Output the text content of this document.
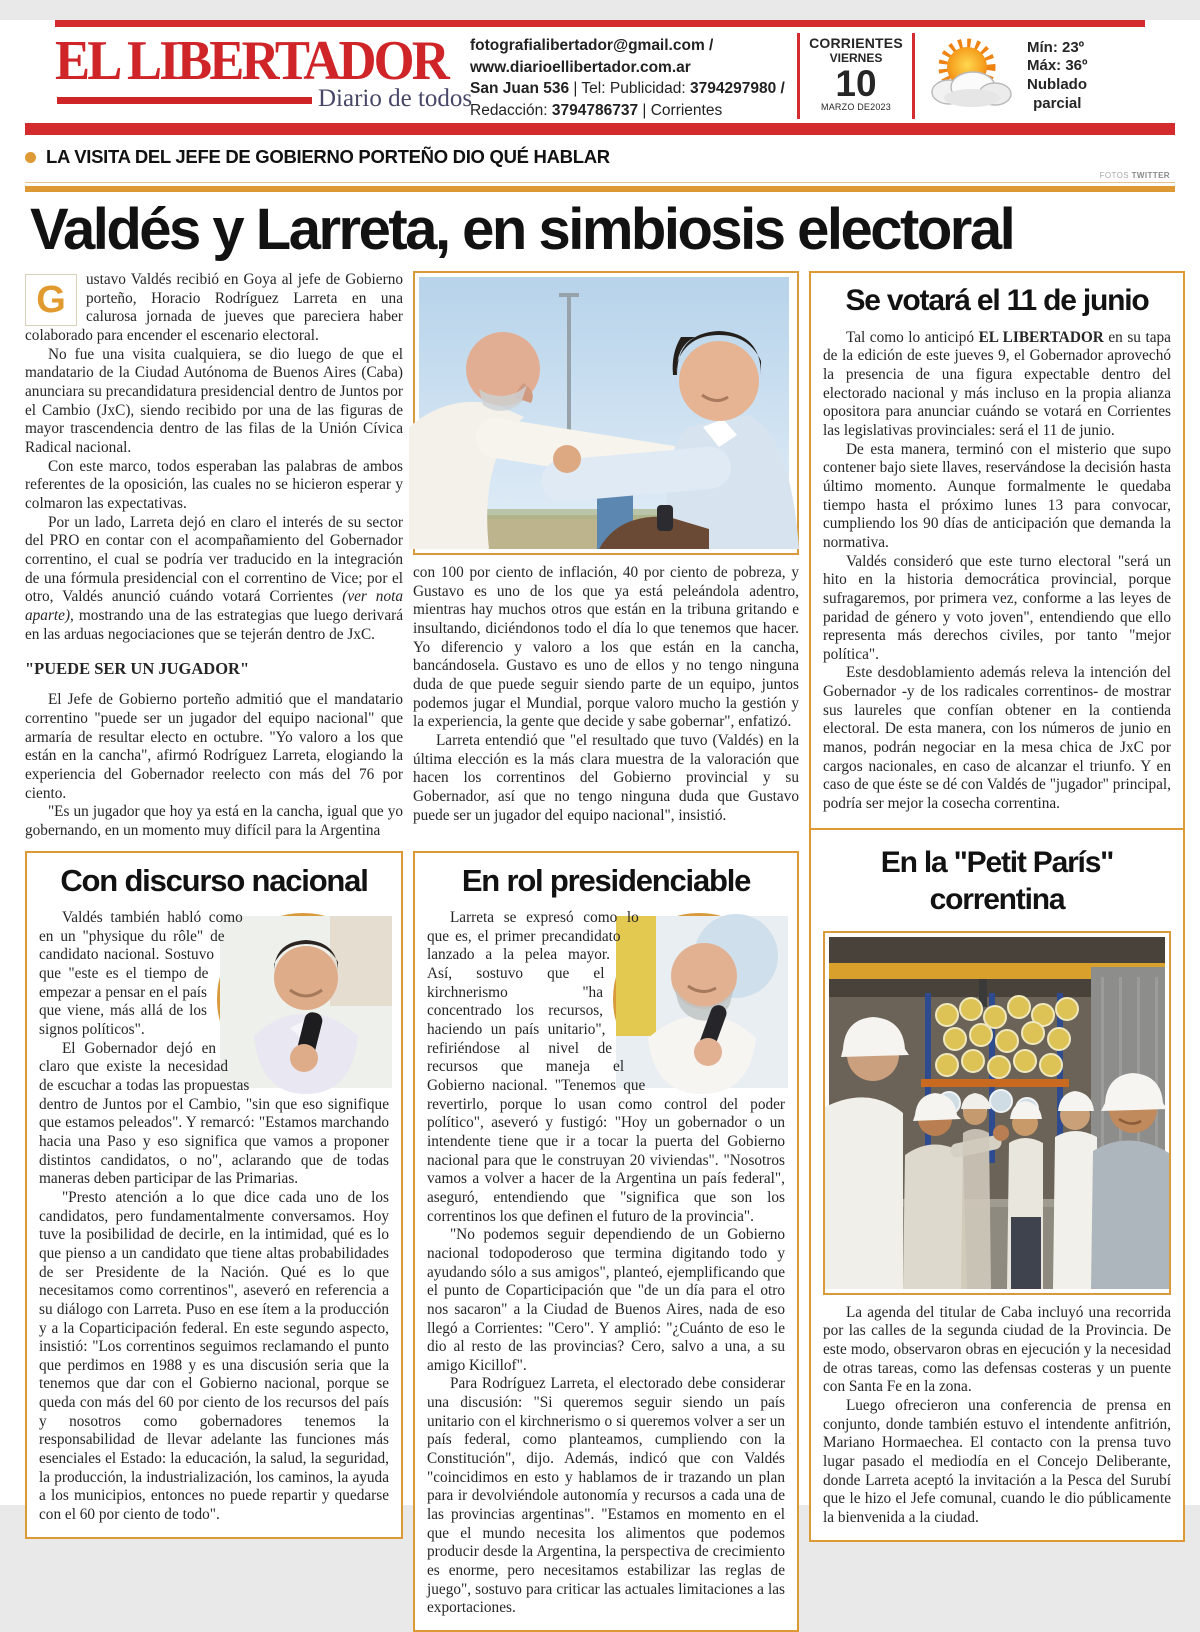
EL LIBERTADOR
Diario de todos
fotografialibertador@gmail.com /
www.diarioellibertador.com.ar
San Juan 536 | Tel: Publicidad: 3794297980 /
Redacción: 3794786737 | Corrientes
CORRIENTES
VIERNES
10
MARZO DE2023
Mín: 23º
Máx: 36º
Nublado
parcial
LA VISITA DEL JEFE DE GOBIERNO PORTEÑO DIO QUÉ HABLAR
FOTOS TWITTER
Valdés y Larreta, en simbiosis electoral
G	ustavo Valdés recibió en Goya al jefe de Gobierno porteño, Horacio Rodríguez Larreta en una calurosa jornada de jueves que pareciera haber colaborado para encender el escenario electoral.

No fue una visita cualquiera, se dio luego de que el mandatario de la Ciudad Autónoma de Buenos Aires (Caba) anunciara su precandidatura presidencial dentro de Juntos por el Cambio (JxC), siendo recibido por una de las figuras de mayor trascendencia dentro de las filas de la Unión Cívica Radical nacional.

Con este marco, todos esperaban las palabras de ambos referentes de la oposición, las cuales no se hicieron esperar y colmaron las expectativas.

Por un lado, Larreta dejó en claro el interés de su sector del PRO en contar con el acompañamiento del Gobernador correntino, el cual se podría ver traducido en la integración de una fórmula presidencial con el correntino de Vice; por el otro, Valdés anunció cuándo votará Corrientes (ver nota aparte), mostrando una de las estrategias que luego derivará en las arduas negociaciones que se tejerán dentro de JxC.

"PUEDE SER UN JUGADOR"

El Jefe de Gobierno porteño admitió que el mandatario correntino "puede ser un jugador del equipo nacional" que armaría de resultar electo en octubre. "Yo valoro a los que están en la cancha", afirmó Rodríguez Larreta, elogiando la experiencia del Gobernador reelecto con más del 76 por ciento.

"Es un jugador que hoy ya está en la cancha, igual que yo gobernando, en un momento muy difícil para la Argentina

con 100 por ciento de inflación, 40 por ciento de pobreza, y Gustavo es uno de los que ya está peleándola adentro, mientras hay muchos otros que están en la tribuna gritando e insultando, diciéndonos todo el día lo que tenemos que hacer. Yo diferencio y valoro a los que están en la cancha, bancándosela. Gustavo es uno de ellos y no tengo ninguna duda de que puede seguir siendo parte de un equipo, juntos podemos jugar el Mundial, porque valoro mucho la gestión y la experiencia, la gente que decide y sabe gobernar", enfatizó.

Larreta entendió que "el resultado que tuvo (Valdés) en la última elección es la más clara muestra de la valoración que hacen los correntinos del Gobierno provincial y su Gobernador, así que no tengo ninguna duda que Gustavo puede ser un jugador del equipo nacional", insistió.

Con discurso nacional

Valdés también habló como en un "physique du rôle" de candidato nacional. Sostuvo que "este es el tiempo de empezar a pensar en el país que viene, más allá de los signos políticos".

El Gobernador dejó en claro que existe la necesidad de escuchar a todas las propuestas dentro de Juntos por el Cambio, "sin que eso signifique que estamos peleados". Y remarcó: "Estamos marchando hacia una Paso y eso significa que vamos a proponer distintos candidatos, o no", aclarando que de todas maneras deben participar de las Primarias.

"Presto atención a lo que dice cada uno de los candidatos, pero fundamentalmente conversamos. Hoy tuve la posibilidad de decirle, en la intimidad, qué es lo que pienso a un candidato que tiene altas probabilidades de ser Presidente de la Nación. Qué es lo que necesitamos como correntinos", aseveró en referencia a su diálogo con Larreta. Puso en ese ítem a la producción y a la Coparticipación federal. En este segundo aspecto, insistió: "Los correntinos seguimos reclamando el punto que perdimos en 1988 y es una discusión seria que la tenemos que dar con el Gobierno nacional, porque se queda con más del 60 por ciento de los recursos del país y nosotros como gobernadores tenemos la responsabilidad de llevar adelante las funciones más esenciales el Estado: la educación, la salud, la seguridad, la producción, la industrialización, los caminos, la ayuda a los municipios, entonces no puede repartir y quedarse con el 60 por ciento de todo".

En rol presidenciable

Larreta se expresó como lo que es, el primer precandidato lanzado a la pelea mayor. Así, sostuvo que el kirchnerismo "ha concentrado los recursos, haciendo un país unitario", refiriéndose al nivel de recursos que maneja el Gobierno nacional. "Tenemos que revertirlo, porque lo usan como control del poder político", aseveró y fustigó: "Hoy un gobernador o un intendente tiene que ir a tocar la puerta del Gobierno nacional para que le construyan 20 viviendas". "Nosotros vamos a volver a hacer de la Argentina un país federal", aseguró, entendiendo que "significa que son los correntinos los que definen el futuro de la provincia".

"No podemos seguir dependiendo de un Gobierno nacional todopoderoso que termina digitando todo y ayudando sólo a sus amigos", planteó, ejemplificando que el punto de Coparticipación que "de un día para el otro nos sacaron" a la Ciudad de Buenos Aires, nada de eso llegó a Corrientes: "Cero". Y amplió: "¿Cuánto de eso le dio al resto de las provincias? Cero, salvo a una, a su amigo Kicillof".

Para Rodríguez Larreta, el electorado debe considerar una discusión: "Si queremos seguir siendo un país unitario con el kirchnerismo o si queremos volver a ser un país federal, como planteamos, cumpliendo con la Constitución", dijo. Además, indicó que con Valdés "coincidimos en esto y hablamos de ir trazando un plan para ir devolviéndole autonomía y recursos a cada una de las provincias argentinas". "Estamos en momento en el que el mundo necesita los alimentos que podemos producir desde la Argentina, la perspectiva de crecimiento es enorme, pero necesitamos estabilizar las reglas de juego", sostuvo para criticar las actuales limitaciones a las exportaciones.

Se votará el 11 de junio

Tal como lo anticipó EL LIBERTADOR en su tapa de la edición de este jueves 9, el Gobernador aprovechó la presencia de una figura expectable dentro del electorado nacional y más incluso en la propia alianza opositora para anunciar cuándo se votará en Corrientes las legislativas provinciales: será el 11 de junio.

De esta manera, terminó con el misterio que supo contener bajo siete llaves, reservándose la decisión hasta último momento. Aunque formalmente le quedaba tiempo hasta el próximo lunes 13 para convocar, cumpliendo los 90 días de anticipación que demanda la normativa.

Valdés consideró que este turno electoral "será un hito en la historia democrática provincial, porque sufragaremos, por primera vez, conforme a las leyes de paridad de género y voto joven", entendiendo que ello representa más derechos civiles, por tanto "mejor política".

Este desdoblamiento además releva la intención del Gobernador -y de los radicales correntinos- de mostrar sus laureles que confían obtener en la contienda electoral. De esta manera, con los números de junio en manos, podrán negociar en la mesa chica de JxC por cargos nacionales, en caso de alcanzar el triunfo. Y en caso de que éste se dé con Valdés de "jugador" principal, podría ser mejor la cosecha correntina.

En la "Petit París"
correntina

La agenda del titular de Caba incluyó una recorrida por las calles de la segunda ciudad de la Provincia. De este modo, observaron obras en ejecución y la necesidad de otras tareas, como las defensas costeras y un puente con Santa Fe en la zona.

Luego ofrecieron una conferencia de prensa en conjunto, donde también estuvo el intendente anfitrión, Mariano Hormaechea. El contacto con la prensa tuvo lugar pasado el mediodía en el Concejo Deliberante, donde Larreta aceptó la invitación a la Pesca del Surubí que le hizo el Jefe comunal, cuando le dio públicamente la bienvenida a la ciudad.
